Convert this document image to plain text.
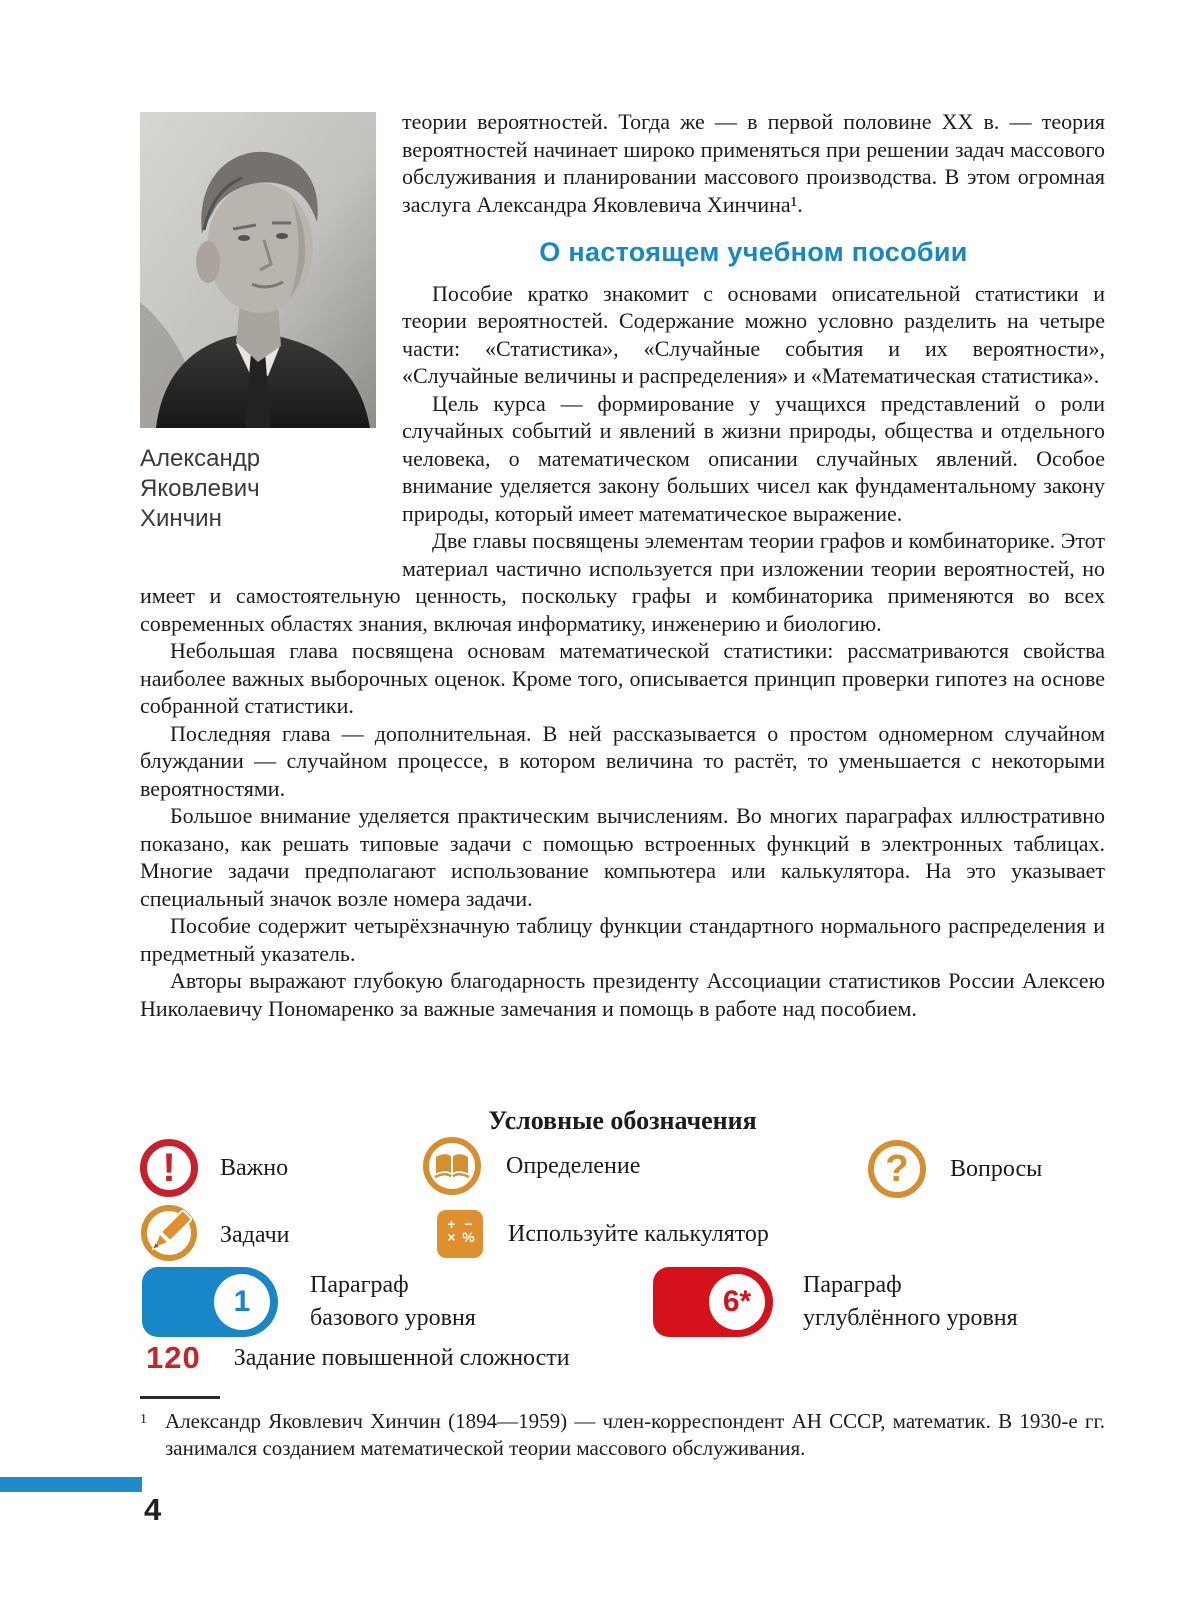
Александр Яковлевич
Хинчин

теории вероятностей. Тогда же — в первой половине XX в. — теория вероятностей начинает широко применяться при решении задач массового обслуживания и планировании массового производства. В этом огромная заслуга Александра Яковлевича Хинчина¹.

О настоящем учебном пособии

Пособие кратко знакомит с основами описательной статистики и теории вероятностей. Содержание можно условно разделить на четыре части: «Статистика», «Случайные события и их вероятности», «Случайные величины и распределения» и «Математическая статистика».

Цель курса — формирование у учащихся представлений о роли случайных событий и явлений в жизни природы, общества и отдельного человека, о математическом описании случайных явлений. Особое внимание уделяется закону больших чисел как фундаментальному закону природы, который имеет математическое выражение.

Две главы посвящены элементам теории графов и комбинаторике. Этот материал частично используется при изложении теории вероятностей, но имеет и самостоятельную ценность, поскольку графы и комбинаторика применяются во всех современных областях знания, включая информатику, инженерию и биологию.

Небольшая глава посвящена основам математической статистики: рассматриваются свойства наиболее важных выборочных оценок. Кроме того, описывается принцип проверки гипотез на основе собранной статистики.

Последняя глава — дополнительная. В ней рассказывается о простом одномерном случайном блуждании — случайном процессе, в котором величина то растёт, то уменьшается с некоторыми вероятностями.

Большое внимание уделяется практическим вычислениям. Во многих параграфах иллюстративно показано, как решать типовые задачи с помощью встроенных функций в электронных таблицах. Многие задачи предполагают использование компьютера или калькулятора. На это указывает специальный значок возле номера задачи.

Пособие содержит четырёхзначную таблицу функции стандартного нормального распределения и предметный указатель.

Авторы выражают глубокую благодарность президенту Ассоциации статистиков России Алексею Николаевичу Пономаренко за важные замечания и помощь в работе над пособием.

Условные обозначения
!	Важно	Определение	?	Вопросы
Задачи	+ −
× % Используйте калькулятор
1	Параграф
базового уровня	6*	Параграф
углублённого уровня
120 Задание повышенной сложности
1 Александр Яковлевич Хинчин (1894—1959) — член-корреспондент АН СССР, математик. В 1930-е гг. занимался созданием математической теории массового обслуживания.
4
